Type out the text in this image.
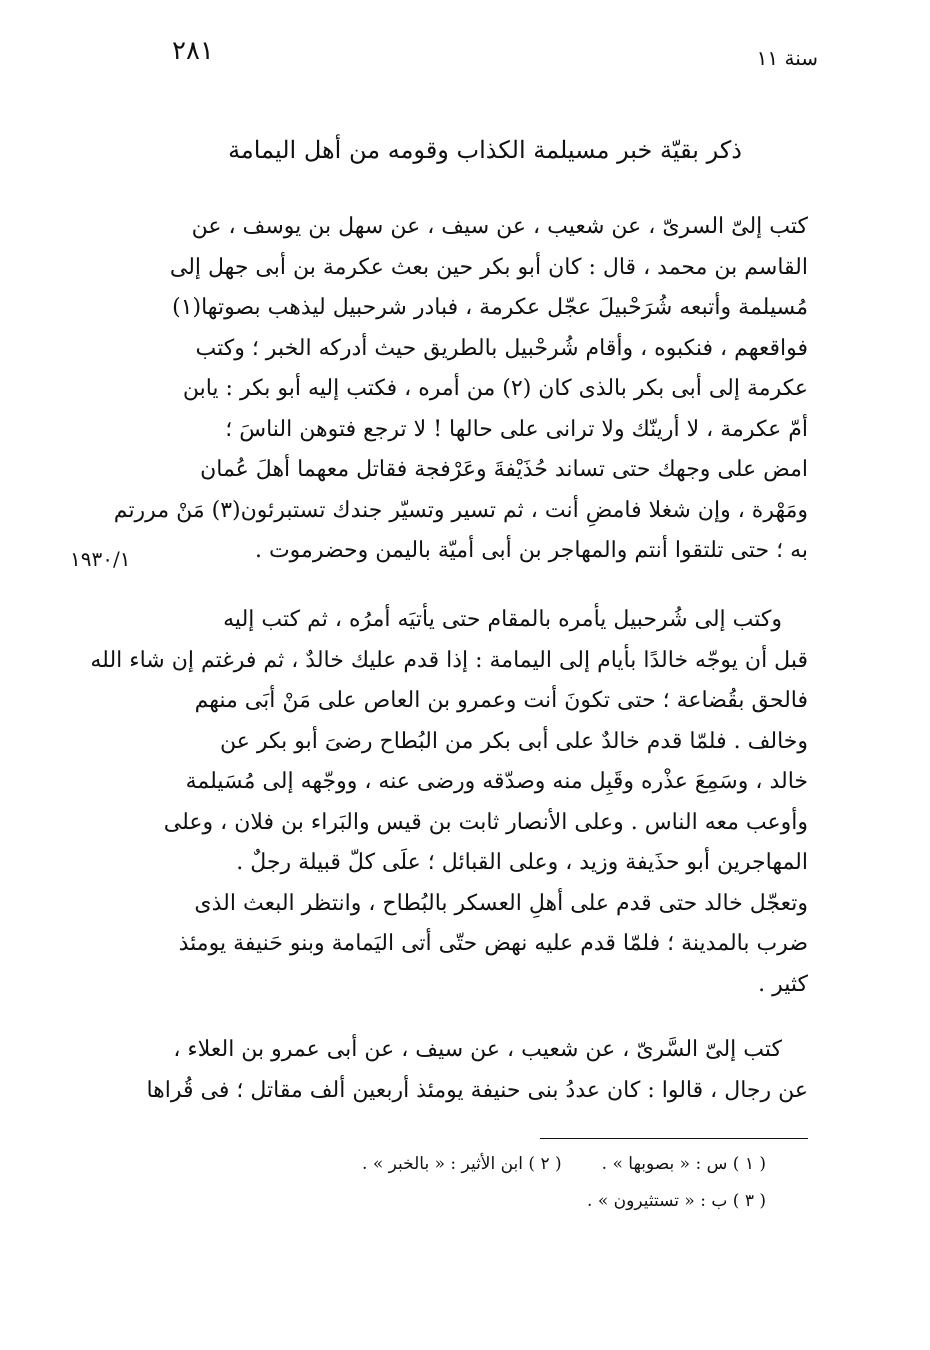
٢٨١	سنة ١١
ذكر بقيّة خبر مسيلمة الكذاب وقومه من أهل اليمامة
١٩٣٠/١
كتب إلىّ السرىّ ، عن شعيب ، عن سيف ، عن سهل بن يوسف ، عن
القاسم بن محمد ، قال : كان أبو بكر حين بعث عكرمة بن أبى جهل إلى
مُسيلمة وأتبعه شُرَحْبيلَ عجّل عكرمة ، فبادر شرحبيل ليذهب بصوتها(١)
فواقعهم ، فنكبوه ، وأقام شُرحْبيل بالطريق حيث أدركه الخبر ؛ وكتب
عكرمة إلى أبى بكر بالذى كان (٢) من أمره ، فكتب إليه أبو بكر : يابن
أمّ عكرمة ، لا أرينّك ولا ترانى على حالها ! لا ترجع فتوهن الناسَ ؛
امض على وجهك حتى تساند حُذَيْفةَ وعَرْفجة فقاتل معهما أهلَ عُمان
ومَهْرة ، وإن شغلا فامضِ أنت ، ثم تسير وتسيّر جندك تستبرئون(٣) مَنْ مررتم
به ؛ حتى تلتقوا أنتم والمهاجر بن أبى أميّة باليمن وحضرموت .
وكتب إلى شُرحبيل يأمره بالمقام حتى يأتيَه أمرُه ، ثم كتب إليه
قبل أن يوجّه خالدًا بأيام إلى اليمامة : إذا قدم عليك خالدٌ ، ثم فرغتم إن شاء الله
فالحق بقُضاعة ؛ حتى تكونَ أنت وعمرو بن العاص على مَنْ أبَى منهم
وخالف . فلمّا قدم خالدٌ على أبى بكر من البُطاح رضىَ أبو بكر عن
خالد ، وسَمِعَ عذْره وقَبِل منه وصدّقه ورضى عنه ، ووجّهه إلى مُسَيلمة
وأوعب معه الناس . وعلى الأنصار ثابت بن قيس والبَراء بن فلان ، وعلى
المهاجرين أبو حذَيفة وزيد ، وعلى القبائل ؛ علَى كلّ قبيلة رجلٌ .
وتعجّل خالد حتى قدم على أهلِ العسكر بالبُطاح ، وانتظر البعث الذى
ضرب بالمدينة ؛ فلمّا قدم عليه نهض حتّى أتى اليَمامة وبنو حَنيفة يومئذ
كثير .
كتب إلىّ السَّرىّ ، عن شعيب ، عن سيف ، عن أبى عمرو بن العلاء ،
عن رجال ، قالوا : كان عددُ بنى حنيفة يومئذ أربعين ألف مقاتل ؛ فى قُراها
( ١ ) س : « بصوبها » .( ٢ ) ابن الأثير : « بالخبر » .
( ٣ ) ب : « تستثيرون » .
